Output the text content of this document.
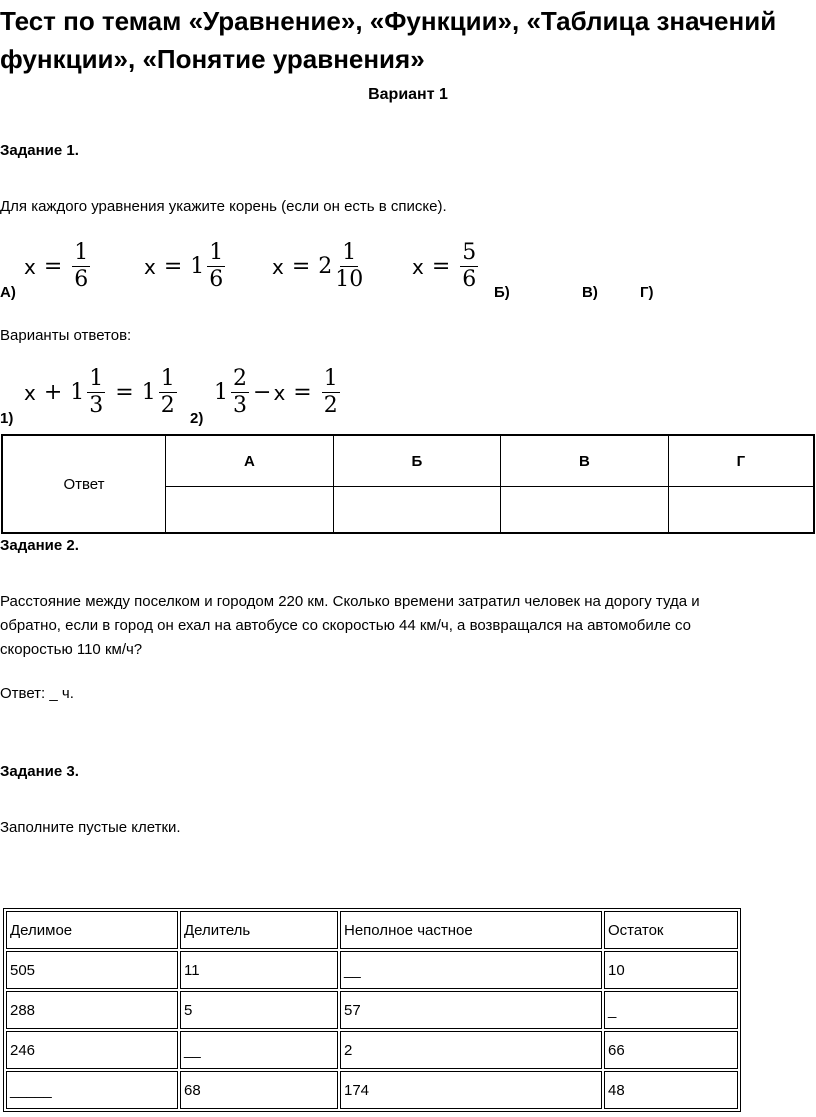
Тест по темам «Уравнение», «Функции», «Таблица значений функции», «Понятие уравнения»
Вариант 1
Задание 1.
Для каждого уравнения укажите корень (если он есть в списке).
$x = \frac{1}{6}$	$x = 1 \frac{1}{6}$ $x = 2 \frac{1}{10}$ $x = \frac{5}{6}$
А)	Б)	В)	Г)
Варианты ответов:
$x + 1 \frac{1}{3} = 1 \frac{1}{2} 1 \frac{2}{3} - x = \frac{1}{2}$
1)	2)
Ответ	А	Б	В	Г

Задание 2.
Расстояние между поселком и городом 220 км. Сколько времени затратил человек на дорогу туда и
обратно, если в город он ехал на автобусе со скоростью 44 км/ч, а возвращался на автомобиле со
скоростью 110 км/ч?
Ответ: _ ч.
Задание 3.
Заполните пустые клетки.
Делимое	Делитель	Неполное частное	Остаток
505	11	__	10
288	5	57	_
246	__	2	66
_____	68	174	48
